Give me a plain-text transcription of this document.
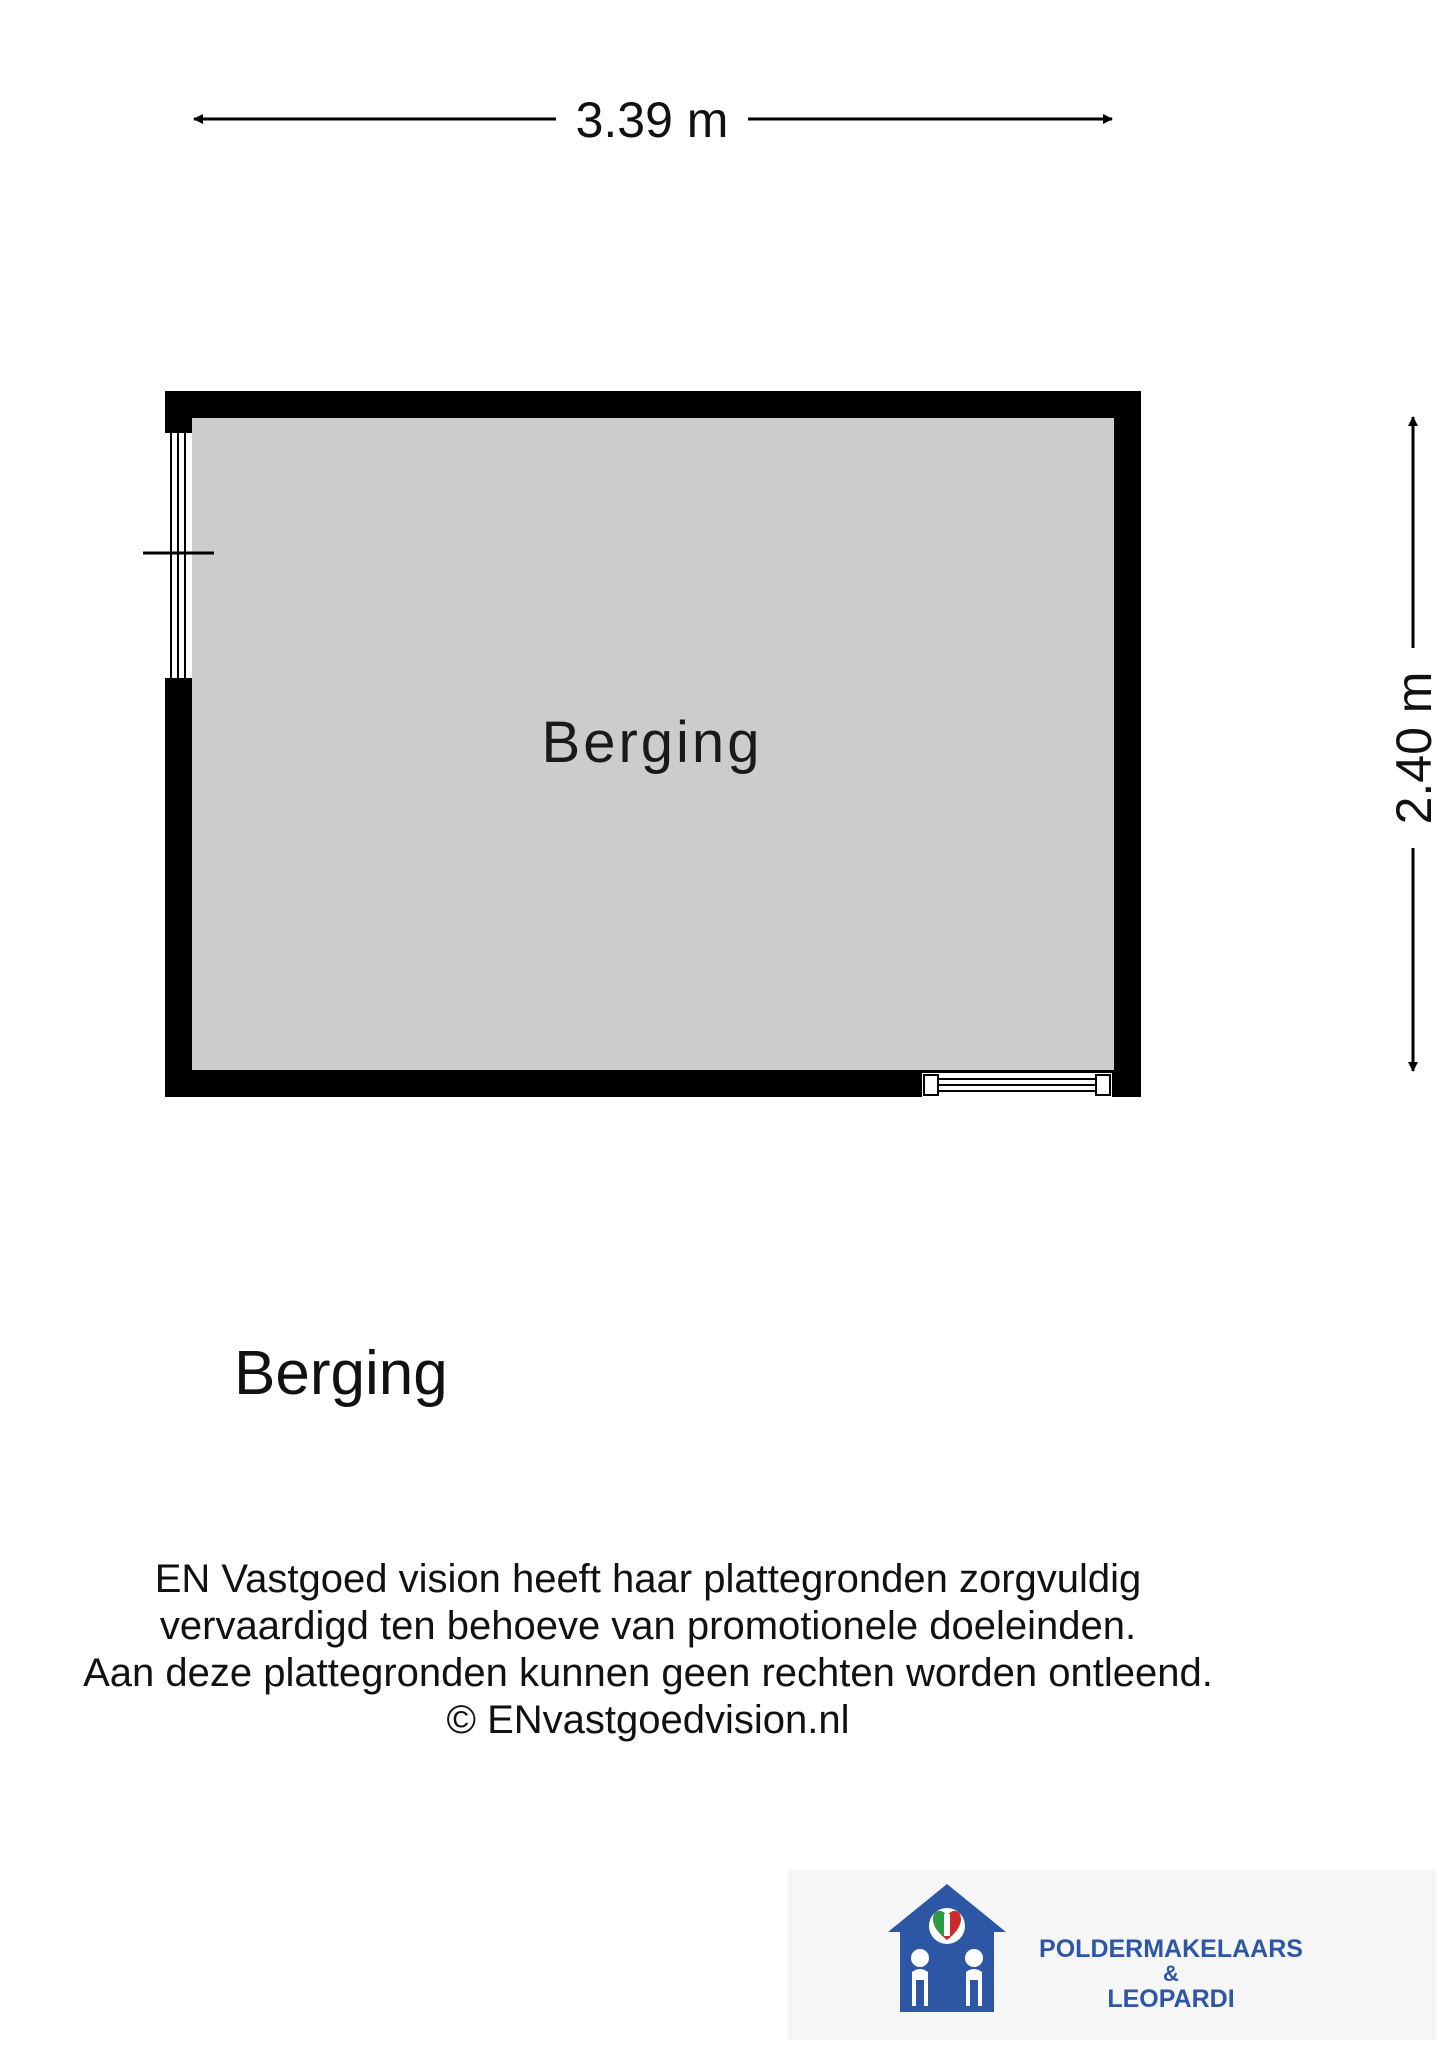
3.39 m
2.40 m
Berging
Berging
EN Vastgoed vision heeft haar plattegronden zorgvuldig
vervaardigd ten behoeve van promotionele doeleinden.
Aan deze plattegronden kunnen geen rechten worden ontleend.
© ENvastgoedvision.nl
POLDERMAKELAARS
&
LEOPARDI
